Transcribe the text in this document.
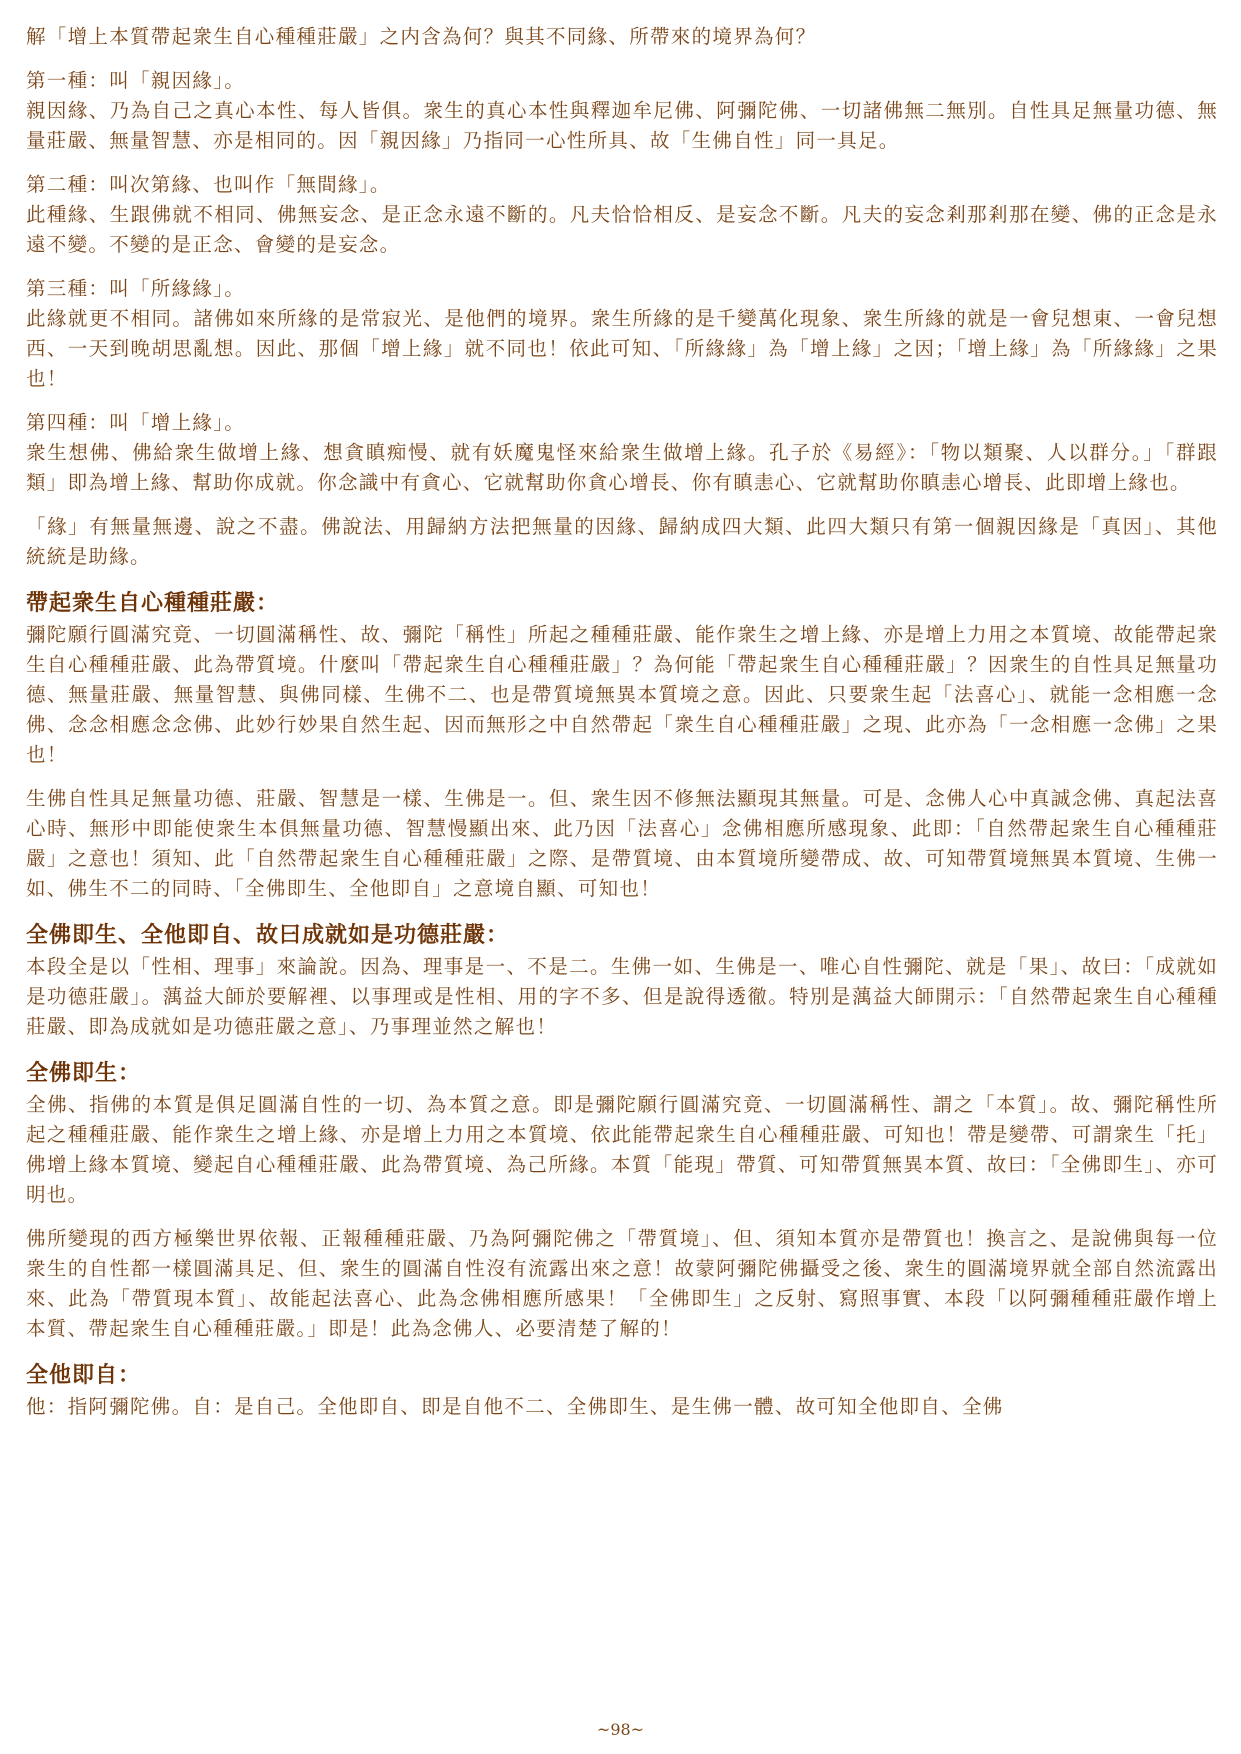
解「增上本質帶起衆生自心種種莊嚴」之内含為何？與其不同緣、所帶來的境界為何？

第一種：叫「親因緣」。

親因緣、乃為自己之真心本性、每人皆俱。衆生的真心本性與釋迦牟尼佛、阿彌陀佛、一切諸佛無二無別。自性具足無量功德、無量莊嚴、無量智慧、亦是相同的。因「親因緣」乃指同一心性所具、故「生佛自性」同一具足。

第二種：叫次第緣、也叫作「無間緣」。

此種緣、生跟佛就不相同、佛無妄念、是正念永遠不斷的。凡夫恰恰相反、是妄念不斷。凡夫的妄念剎那剎那在變、佛的正念是永遠不變。不變的是正念、會變的是妄念。

第三種：叫「所緣緣」。

此緣就更不相同。諸佛如來所緣的是常寂光、是他們的境界。衆生所緣的是千變萬化現象、衆生所緣的就是一會兒想東、一會兒想西、一天到晚胡思亂想。因此、那個「增上緣」就不同也！依此可知、「所緣緣」為「增上緣」之因；「增上緣」為「所緣緣」之果也！

第四種：叫「增上緣」。

衆生想佛、佛給衆生做增上緣、想貪瞋痴慢、就有妖魔鬼怪來給衆生做增上緣。孔子於《易經》：「物以類聚、人以群分。」「群跟類」即為增上緣、幫助你成就。你念識中有貪心、它就幫助你貪心增長、你有瞋恚心、它就幫助你瞋恚心增長、此即增上緣也。

「緣」有無量無邊、說之不盡。佛說法、用歸納方法把無量的因緣、歸納成四大類、此四大類只有第一個親因緣是「真因」、其他統統是助緣。

帶起衆生自心種種莊嚴：

彌陀願行圓滿究竟、一切圓滿稱性、故、彌陀「稱性」所起之種種莊嚴、能作衆生之增上緣、亦是增上力用之本質境、故能帶起衆生自心種種莊嚴、此為帶質境。什麼叫「帶起衆生自心種種莊嚴」？為何能「帶起衆生自心種種莊嚴」？因衆生的自性具足無量功德、無量莊嚴、無量智慧、與佛同樣、生佛不二、也是帶質境無異本質境之意。因此、只要衆生起「法喜心」、就能一念相應一念佛、念念相應念念佛、此妙行妙果自然生起、因而無形之中自然帶起「衆生自心種種莊嚴」之現、此亦為「一念相應一念佛」之果也！

生佛自性具足無量功德、莊嚴、智慧是一樣、生佛是一。但、衆生因不修無法顯現其無量。可是、念佛人心中真誠念佛、真起法喜心時、無形中即能使衆生本俱無量功德、智慧慢顯出來、此乃因「法喜心」念佛相應所感現象、此即：「自然帶起衆生自心種種莊嚴」之意也！須知、此「自然帶起衆生自心種種莊嚴」之際、是帶質境、由本質境所變帶成、故、可知帶質境無異本質境、生佛一如、佛生不二的同時、「全佛即生、全他即自」之意境自顯、可知也！

全佛即生、全他即自、故曰成就如是功德莊嚴：

本段全是以「性相、理事」來論說。因為、理事是一、不是二。生佛一如、生佛是一、唯心自性彌陀、就是「果」、故曰：「成就如是功德莊嚴」。蕅益大師於要解裡、以事理或是性相、用的字不多、但是說得透徹。特別是蕅益大師開示：「自然帶起衆生自心種種莊嚴、即為成就如是功德莊嚴之意」、乃事理並然之解也！

全佛即生：

全佛、指佛的本質是俱足圓滿自性的一切、為本質之意。即是彌陀願行圓滿究竟、一切圓滿稱性、謂之「本質」。故、彌陀稱性所起之種種莊嚴、能作衆生之增上緣、亦是增上力用之本質境、依此能帶起衆生自心種種莊嚴、可知也！帶是變帶、可謂衆生「托」佛增上緣本質境、變起自心種種莊嚴、此為帶質境、為己所緣。本質「能現」帶質、可知帶質無異本質、故曰：「全佛即生」、亦可明也。

佛所變現的西方極樂世界依報、正報種種莊嚴、乃為阿彌陀佛之「帶質境」、但、須知本質亦是帶質也！換言之、是說佛與每一位衆生的自性都一樣圓滿具足、但、衆生的圓滿自性沒有流露出來之意！故蒙阿彌陀佛攝受之後、衆生的圓滿境界就全部自然流露出來、此為「帶質現本質」、故能起法喜心、此為念佛相應所感果！「全佛即生」之反射、寫照事實、本段「以阿彌種種莊嚴作增上本質、帶起衆生自心種種莊嚴。」即是！此為念佛人、必要清楚了解的！

全他即自：

他：指阿彌陀佛。自：是自己。全他即自、即是自他不二、全佛即生、是生佛一體、故可知全他即自、全佛

~98~
